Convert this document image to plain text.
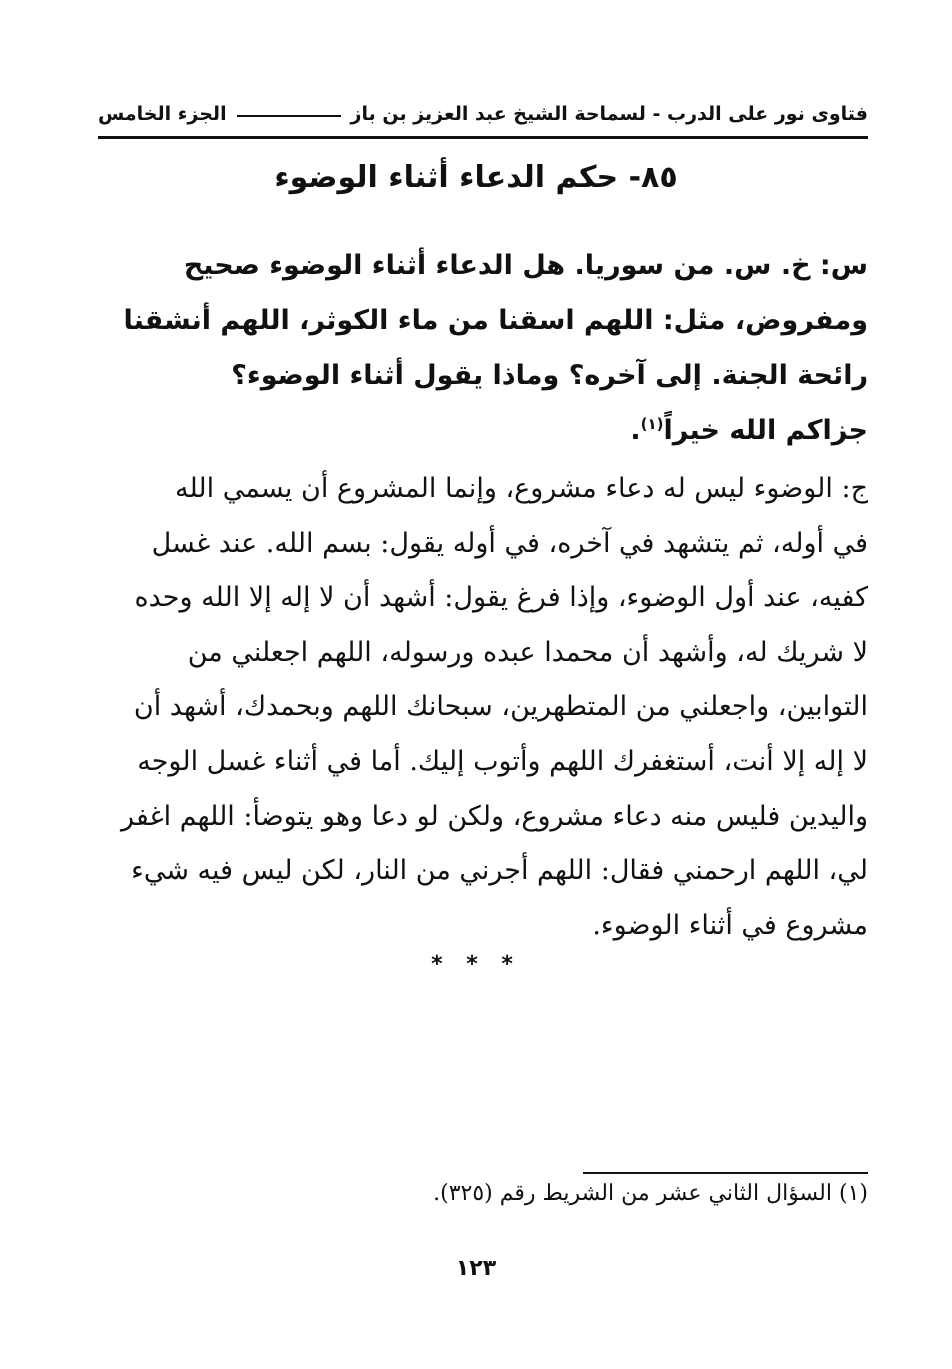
فتاوى نور على الدرب - لسماحة الشيخ عبد العزيز بن باز
الجزء الخامس
٨٥- حكم الدعاء أثناء الوضوء
س: خ. س. من سوريا. هل الدعاء أثناء الوضوء صحيح
ومفروض، مثل: اللهم اسقنا من ماء الكوثر، اللهم أنشقنا
رائحة الجنة. إلى آخره؟ وماذا يقول أثناء الوضوء؟
جزاكم الله خيراً$^{(١)}$.
ج: الوضوء ليس له دعاء مشروع، وإنما المشروع أن يسمي الله
في أوله، ثم يتشهد في آخره، في أوله يقول: بسم الله. عند غسل
كفيه، عند أول الوضوء، وإذا فرغ يقول: أشهد أن لا إله إلا الله وحده
لا شريك له، وأشهد أن محمدا عبده ورسوله، اللهم اجعلني من
التوابين، واجعلني من المتطهرين، سبحانك اللهم وبحمدك، أشهد أن
لا إله إلا أنت، أستغفرك اللهم وأتوب إليك. أما في أثناء غسل الوجه
واليدين فليس منه دعاء مشروع، ولكن لو دعا وهو يتوضأ: اللهم اغفر
لي، اللهم ارحمني فقال: اللهم أجرني من النار، لكن ليس فيه شيء
مشروع في أثناء الوضوء.
* * *
(١) السؤال الثاني عشر من الشريط رقم (٣٢٥).
١٢٣
